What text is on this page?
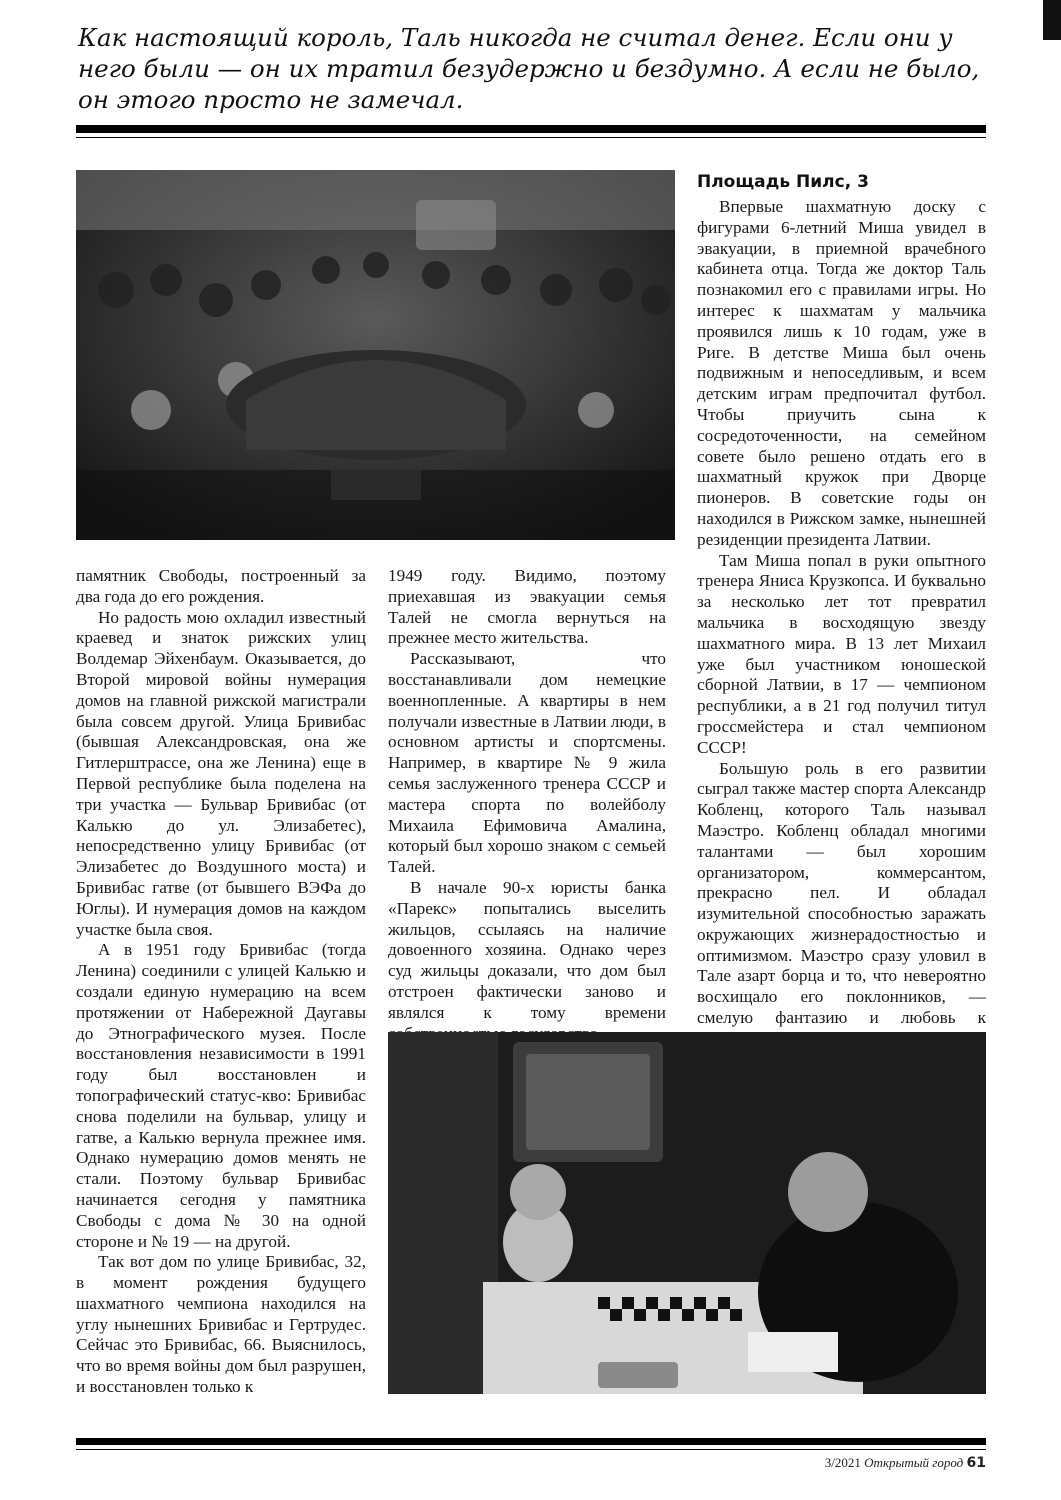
Как настоящий король, Таль никогда не считал денег. Если они у него были — он их тратил безудержно и бездумно. А если не было, он этого просто не замечал.

Площадь Пилс, 3

Впервые шахматную доску с фигурами 6-летний Миша увидел в эвакуации, в приемной врачебного кабинета отца. Тогда же доктор Таль познакомил его с правилами игры. Но интерес к шахматам у мальчика проявился лишь к 10 годам, уже в Риге. В детстве Миша был очень подвижным и непоседливым, и всем детским играм предпочитал футбол. Чтобы приучить сына к сосредоточенности, на семейном совете было решено отдать его в шахматный кружок при Дворце пионеров. В советские годы он находился в Рижском замке, нынешней резиденции президента Латвии.

Там Миша попал в руки опытного тренера Яниса Крузкопса. И буквально за несколько лет тот превратил мальчика в восходящую звезду шахматного мира. В 13 лет Михаил уже был участником юношеской сборной Латвии, в 17 — чемпионом республики, а в 21 год получил титул гроссмейстера и стал чемпионом СССР!

Большую роль в его развитии сыграл также мастер спорта Александр Кобленц, которого Таль называл Маэстро. Кобленц обладал многими талантами — был хорошим организатором, коммерсантом, прекрасно пел. И обладал изумительной способностью заражать окружающих жизнерадостностью и оптимизмом. Маэстро сразу уловил в Тале азарт борца и то, что невероятно восхищало его поклонников, — смелую фантазию и любовь к

памятник Свободы, построенный за два года до его рождения.

Но радость мою охладил известный краевед и знаток рижских улиц Волдемар Эйхенбаум. Оказывается, до Второй мировой войны нумерация домов на главной рижской магистрали была совсем другой. Улица Бривибас (бывшая Александровская, она же Гитлерштрассе, она же Ленина) еще в Первой республике была поделена на три участка — Бульвар Бривибас (от Калькю до ул. Элизабетес), непосредственно улицу Бривибас (от Элизабетес до Воздушного моста) и Бривибас гатве (от бывшего ВЭФа до Юглы). И нумерация домов на каждом участке была своя.

А в 1951 году Бривибас (тогда Ленина) соединили с улицей Калькю и создали единую нумерацию на всем протяжении от Набережной Даугавы до Этнографического музея. После восстановления независимости в 1991 году был восстановлен и топографический статус-кво: Бривибас снова поделили на бульвар, улицу и гатве, а Калькю вернула прежнее имя. Однако нумерацию домов менять не стали. Поэтому бульвар Бривибас начинается сегодня у памятника Свободы с дома № 30 на одной стороне и № 19 — на другой.

Так вот дом по улице Бривибас, 32, в момент рождения будущего шахматного чемпиона находился на углу нынешних Бривибас и Гертрудес. Сейчас это Бривибас, 66. Выяснилось, что во время войны дом был разрушен, и восстановлен только к

1949 году. Видимо, поэтому приехавшая из эвакуации семья Талей не смогла вернуться на прежнее место жительства.

Рассказывают, что восстанавливали дом немецкие военнопленные. А квартиры в нем получали известные в Латвии люди, в основном артисты и спортсмены. Например, в квартире № 9 жила семья заслуженного тренера СССР и мастера спорта по волейболу Михаила Ефимовича Амалина, который был хорошо знаком с семьей Талей.

В начале 90-х юристы банка «Парекс» попытались выселить жильцов, ссылаясь на наличие довоенного хозяина. Однако через суд жильцы доказали, что дом был отстроен фактически заново и являлся к тому времени

3/2021 Открытый город 61
